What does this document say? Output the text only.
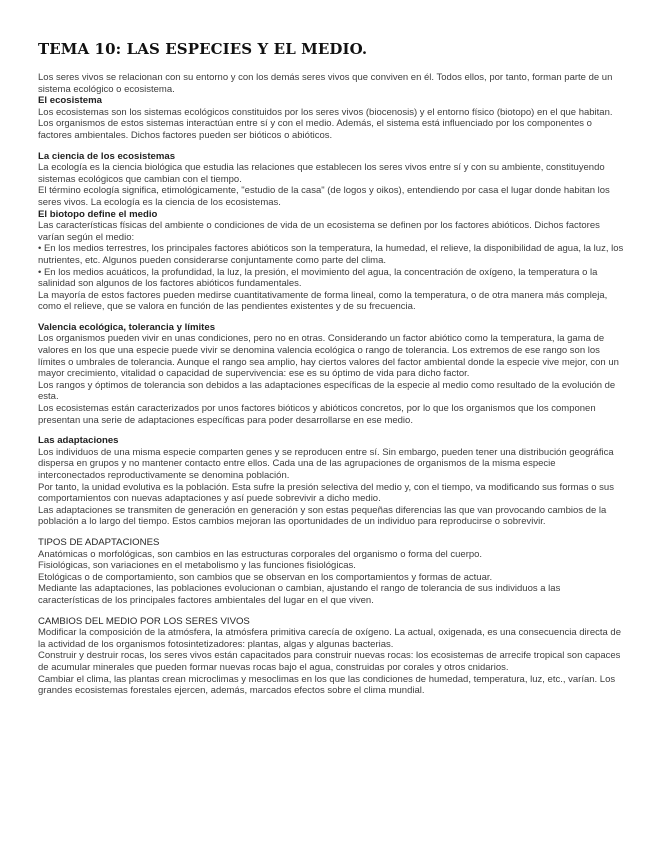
TEMA 10: LAS ESPECIES Y EL MEDIO.

Los seres vivos se relacionan con su entorno y con los demás seres vivos que conviven en él. Todos ellos, por tanto, forman parte de un sistema ecológico o ecosistema.

El ecosistema

Los ecosistemas son los sistemas ecológicos constituidos por los seres vivos (biocenosis) y el entorno físico (biotopo) en el que habitan. Los organismos de estos sistemas interactúan entre sí y con el medio. Además, el sistema está influenciado por los componentes o factores ambientales. Dichos factores pueden ser bióticos o abióticos.

La ciencia de los ecosistemas

La ecología es la ciencia biológica que estudia las relaciones que establecen los seres vivos entre sí y con su ambiente, constituyendo sistemas ecológicos que cambian con el tiempo.

El término ecología significa, etimológicamente, "estudio de la casa" (de logos y oikos), entendiendo por casa el lugar donde habitan los seres vivos. La ecología es la ciencia de los ecosistemas.

El biotopo define el medio

Las características físicas del ambiente o condiciones de vida de un ecosistema se definen por los factores abióticos. Dichos factores varían según el medio:

• En los medios terrestres, los principales factores abióticos son la temperatura, la humedad, el relieve, la disponibilidad de agua, la luz, los nutrientes, etc. Algunos pueden considerarse conjuntamente como parte del clima.

• En los medios acuáticos, la profundidad, la luz, la presión, el movimiento del agua, la concentración de oxígeno, la temperatura o la salinidad son algunos de los factores abióticos fundamentales.

La mayoría de estos factores pueden medirse cuantitativamente de forma lineal, como la temperatura, o de otra manera más compleja, como el relieve, que se valora en función de las pendientes existentes y de su frecuencia.

Valencia ecológica, tolerancia y límites

Los organismos pueden vivir en unas condiciones, pero no en otras. Considerando un factor abiótico como la temperatura, la gama de valores en los que una especie puede vivir se denomina valencia ecológica o rango de tolerancia. Los extremos de ese rango son los límites o umbrales de tolerancia. Aunque el rango sea amplio, hay ciertos valores del factor ambiental donde la especie vive mejor, con un mayor crecimiento, vitalidad o capacidad de supervivencia: ese es su óptimo de vida para dicho factor.

Los rangos y óptimos de tolerancia son debidos a las adaptaciones específicas de la especie al medio como resultado de la evolución de esta.

Los ecosistemas están caracterizados por unos factores bióticos y abióticos concretos, por lo que los organismos que los componen presentan una serie de adaptaciones específicas para poder desarrollarse en ese medio.

Las adaptaciones

Los individuos de una misma especie comparten genes y se reproducen entre sí. Sin embargo, pueden tener una distribución geográfica dispersa en grupos y no mantener contacto entre ellos. Cada una de las agrupaciones de organismos de la misma especie interconectados reproductivamente se denomina población.

Por tanto, la unidad evolutiva es la población. Esta sufre la presión selectiva del medio y, con el tiempo, va modificando sus formas o sus comportamientos con nuevas adaptaciones y así puede sobrevivir a dicho medio.

Las adaptaciones se transmiten de generación en generación y son estas pequeñas diferencias las que van provocando cambios de la población a lo largo del tiempo. Estos cambios mejoran las oportunidades de un individuo para reproducirse o sobrevivir.

TIPOS DE ADAPTACIONES

Anatómicas o morfológicas, son cambios en las estructuras corporales del organismo o forma del cuerpo.

Fisiológicas, son variaciones en el metabolismo y las funciones fisiológicas.

Etológicas o de comportamiento, son cambios que se observan en los comportamientos y formas de actuar.

Mediante las adaptaciones, las poblaciones evolucionan o cambian, ajustando el rango de tolerancia de sus individuos a las características de los principales factores ambientales del lugar en el que viven.

CAMBIOS DEL MEDIO POR LOS SERES VIVOS

Modificar la composición de la atmósfera, la atmósfera primitiva carecía de oxígeno. La actual, oxigenada, es una consecuencia directa de la actividad de los organismos fotosintetizadores: plantas, algas y algunas bacterias.

Construir y destruir rocas, los seres vivos están capacitados para construir nuevas rocas: los ecosistemas de arrecife tropical son capaces de acumular minerales que pueden formar nuevas rocas bajo el agua, construidas por corales y otros cnidarios.

Cambiar el clima, las plantas crean microclimas y mesoclimas en los que las condiciones de humedad, temperatura, luz, etc., varían. Los grandes ecosistemas forestales ejercen, además, marcados efectos sobre el clima mundial.
